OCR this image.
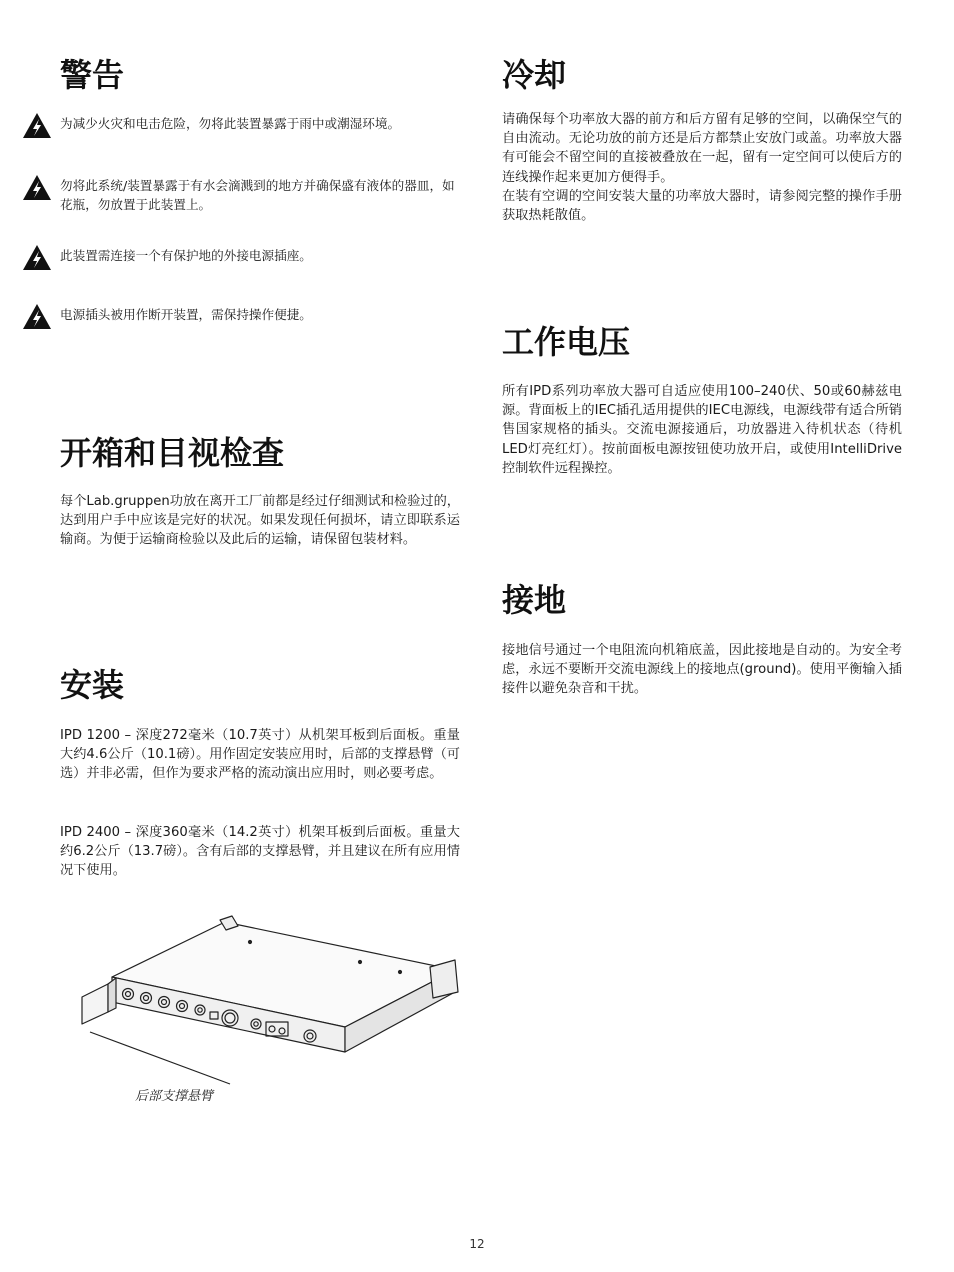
警告
为减少火灾和电击危险，勿将此装置暴露于雨中或潮湿环境。
勿将此系统/装置暴露于有水会滴溅到的地方并确保盛有液体的器皿，如花瓶，勿放置于此装置上。
此装置需连接一个有保护地的外接电源插座。
电源插头被用作断开装置，需保持操作便捷。
开箱和目视检查

每个Lab.gruppen功放在离开工厂前都是经过仔细测试和检验过的，达到用户手中应该是完好的状况。如果发现任何损坏，请立即联系运输商。为便于运输商检验以及此后的运输，请保留包装材料。

安装

IPD 1200 – 深度272毫米（10.7英寸）从机架耳板到后面板。重量大约4.6公斤（10.1磅）。用作固定安装应用时，后部的支撑悬臂（可选）并非必需，但作为要求严格的流动演出应用时，则必要考虑。

IPD 2400 – 深度360毫米（14.2英寸）机架耳板到后面板。重量大约6.2公斤（13.7磅）。含有后部的支撑悬臂，并且建议在所有应用情况下使用。

后部支撑悬臂
冷却

请确保每个功率放大器的前方和后方留有足够的空间，以确保空气的自由流动。无论功放的前方还是后方都禁止安放门或盖。功率放大器有可能会不留空间的直接被叠放在一起，留有一定空间可以使后方的连线操作起来更加方便得手。

在装有空调的空间安装大量的功率放大器时，请参阅完整的操作手册获取热耗散值。

工作电压

所有IPD系列功率放大器可自适应使用100–240伏、50或60赫兹电源。背面板上的IEC插孔适用提供的IEC电源线，电源线带有适合所销售国家规格的插头。交流电源接通后，功放器进入待机状态（待机LED灯亮红灯）。按前面板电源按钮使功放开启，或使用IntelliDrive控制软件远程操控。

接地

接地信号通过一个电阻流向机箱底盖，因此接地是自动的。为安全考虑，永远不要断开交流电源线上的接地点(ground)。使用平衡输入插接件以避免杂音和干扰。

12
